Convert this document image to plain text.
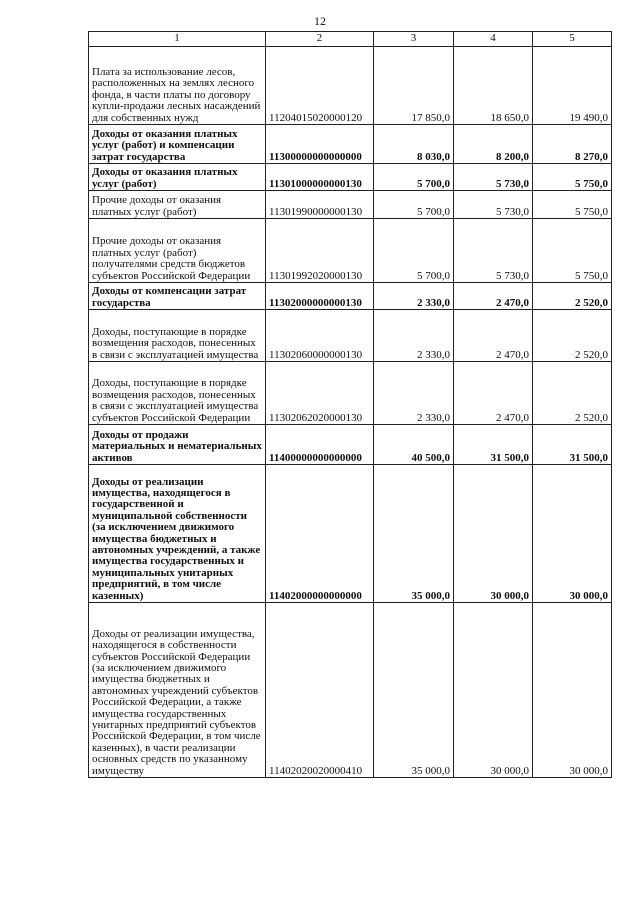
12
1	2	3	4	5
Плата за использование лесов, расположенных на землях лесного фонда, в части платы по договору купли-продажи лесных насаждений для собственных нужд	11204015020000120	17 850,0	18 650,0	19 490,0
Доходы от оказания платных услуг (работ) и компенсации затрат государства	11300000000000000	8 030,0	8 200,0	8 270,0
Доходы от оказания платных услуг (работ)	11301000000000130	5 700,0	5 730,0	5 750,0
Прочие доходы от оказания платных услуг (работ)	11301990000000130	5 700,0	5 730,0	5 750,0
Прочие доходы от оказания платных услуг (работ) получателями средств бюджетов субъектов Российской Федерации	11301992020000130	5 700,0	5 730,0	5 750,0
Доходы от компенсации затрат государства	11302000000000130	2 330,0	2 470,0	2 520,0
Доходы, поступающие в порядке возмещения расходов, понесенных в связи с эксплуатацией имущества	11302060000000130	2 330,0	2 470,0	2 520,0
Доходы, поступающие в порядке возмещения расходов, понесенных в связи с эксплуатацией имущества субъектов Российской Федерации	11302062020000130	2 330,0	2 470,0	2 520,0
Доходы от продажи материальных и нематериальных активов	11400000000000000	40 500,0	31 500,0	31 500,0
Доходы от реализации имущества, находящегося в государственной и муниципальной собственности (за исключением движимого имущества бюджетных и автономных учреждений, а также имущества государственных и муниципальных унитарных предприятий, в том числе казенных)	11402000000000000	35 000,0	30 000,0	30 000,0
Доходы от реализации имущества, находящегося в собственности субъектов Российской Федерации (за исключением движимого имущества бюджетных и автономных учреждений субъектов Российской Федерации, а также имущества государственных унитарных предприятий субъектов Российской Федерации, в том числе казенных), в части реализации основных средств по указанному имуществу	11402020020000410	35 000,0	30 000,0	30 000,0
